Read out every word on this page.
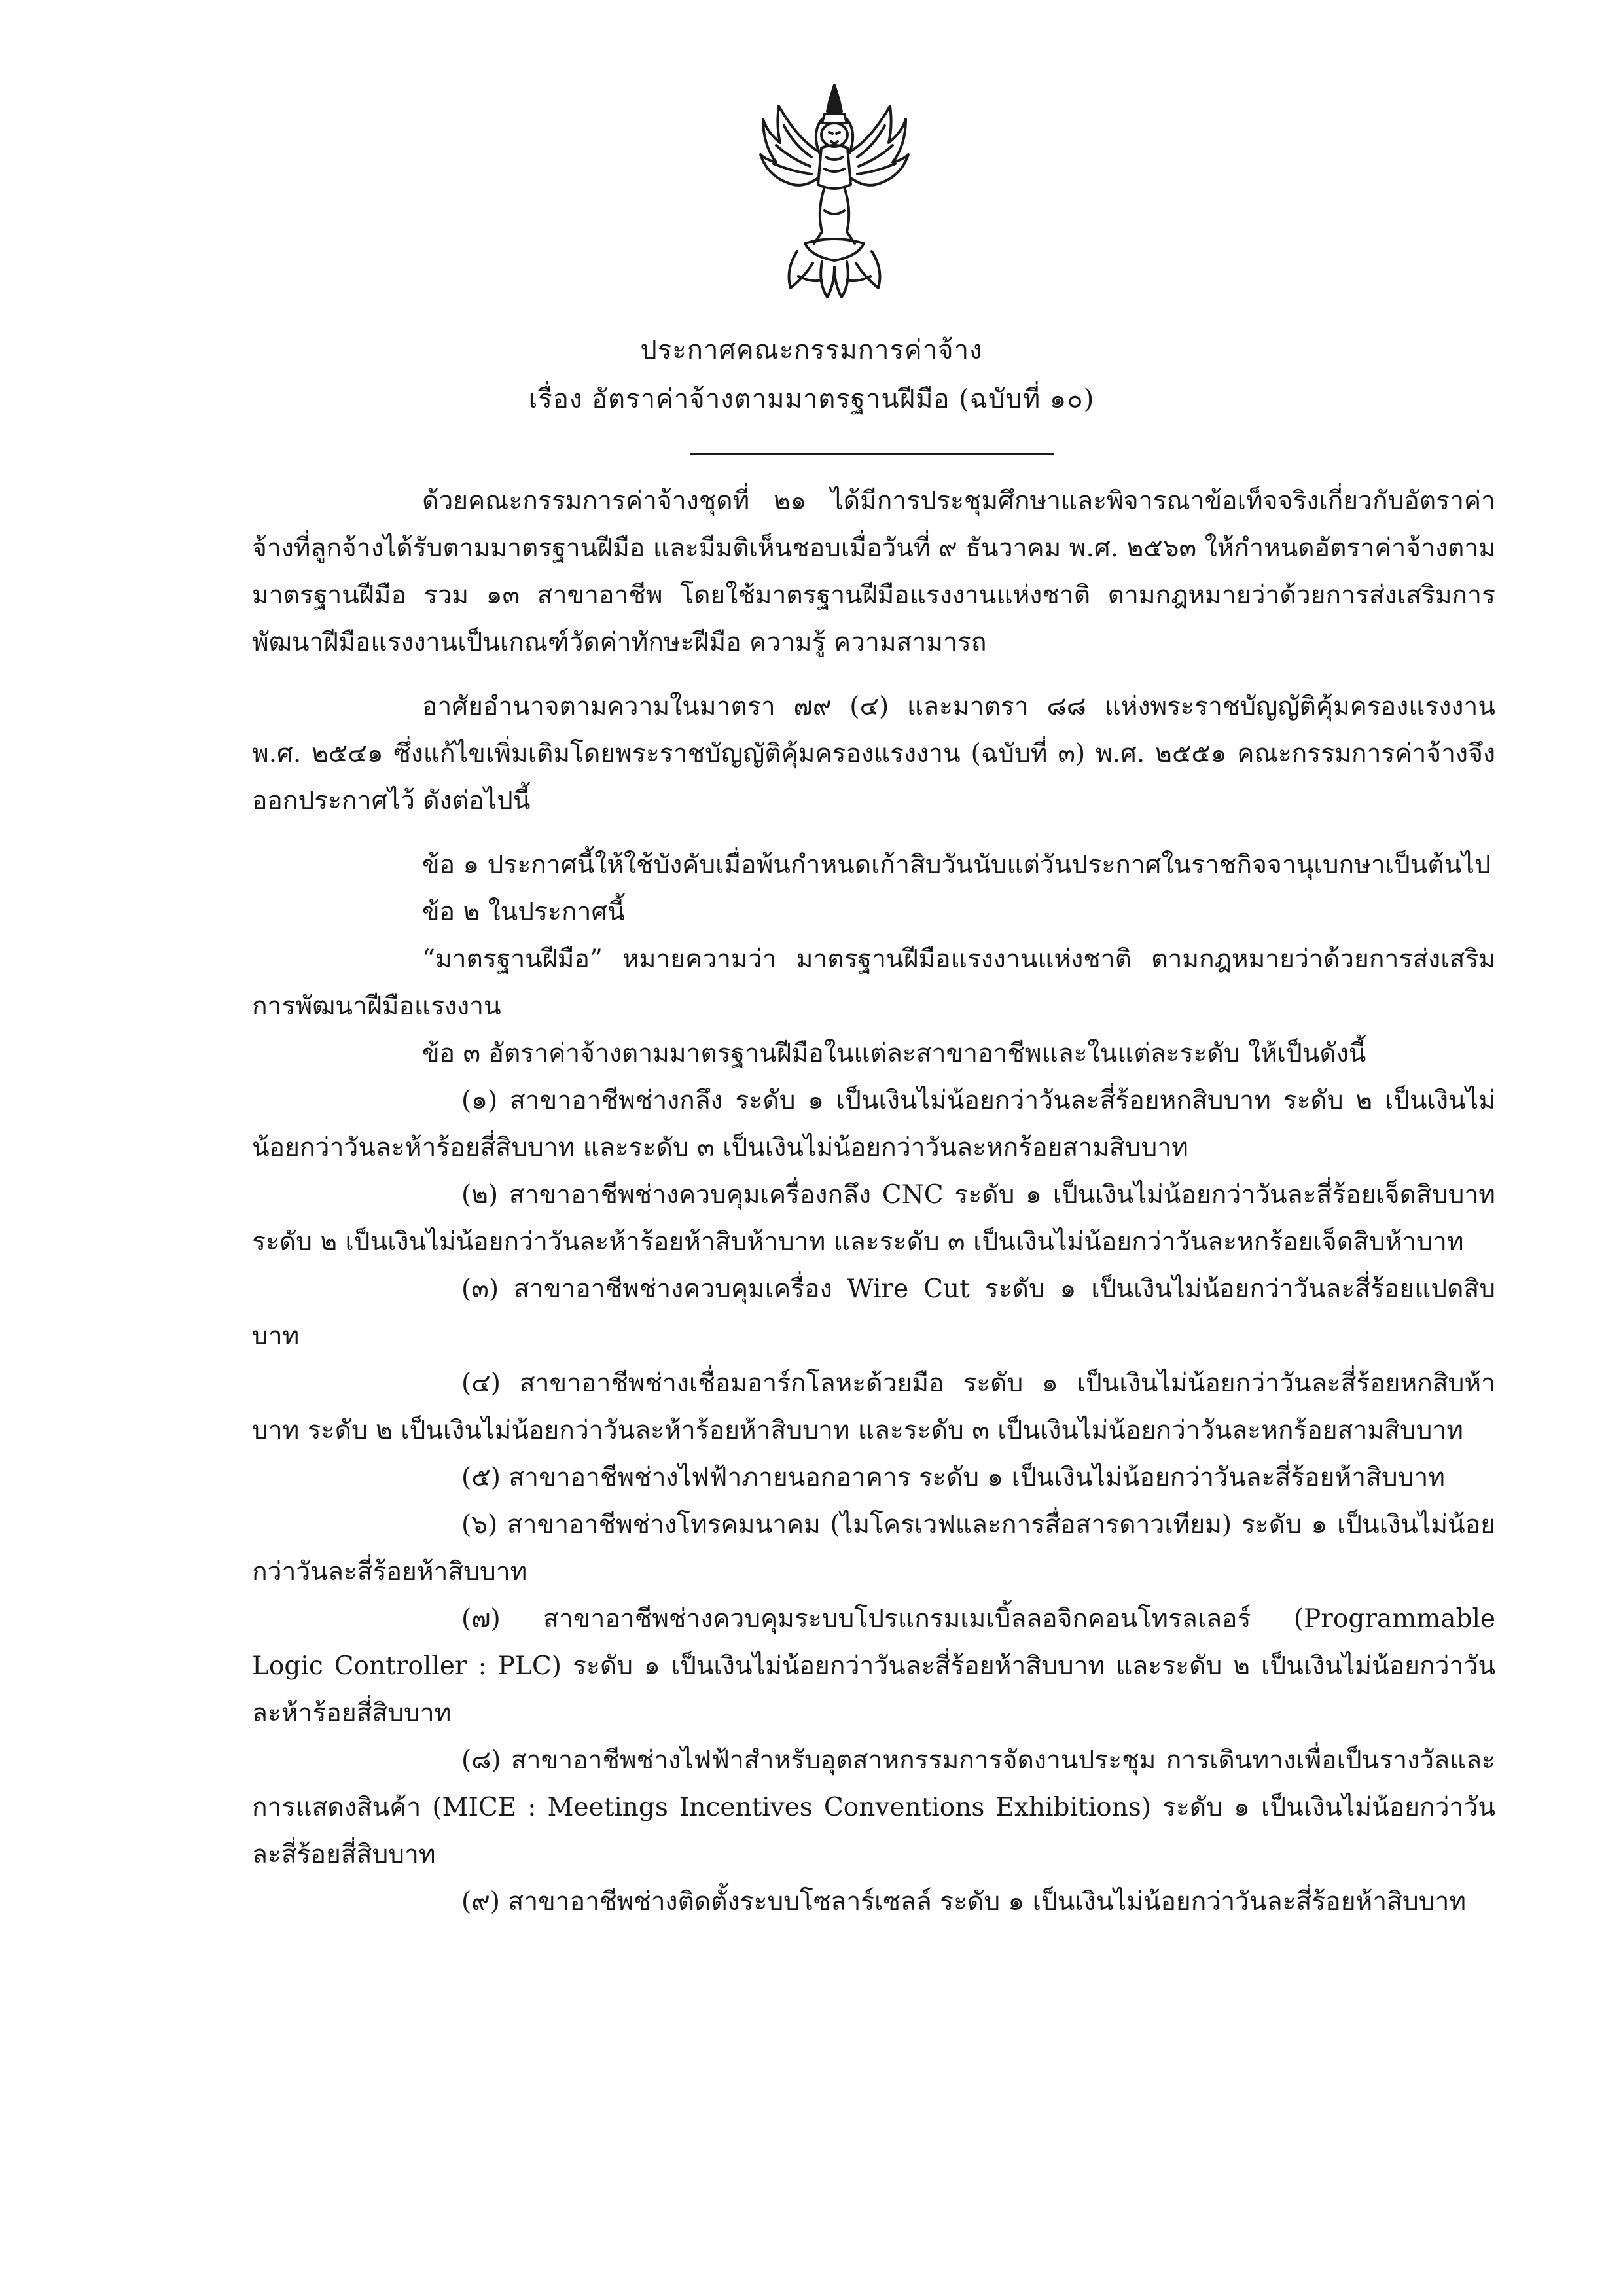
ประกาศคณะกรรมการค่าจ้าง
เรื่อง อัตราค่าจ้างตามมาตรฐานฝีมือ (ฉบับที่ ๑๐)

ด้วยคณะกรรมการค่าจ้างชุดที่ ๒๑ ได้มีการประชุมศึกษาและพิจารณาข้อเท็จจริงเกี่ยวกับอัตราค่าจ้างที่ลูกจ้างได้รับตามมาตรฐานฝีมือ และมีมติเห็นชอบเมื่อวันที่ ๙ ธันวาคม พ.ศ. ๒๕๖๓ ให้กำหนดอัตราค่าจ้างตามมาตรฐานฝีมือ รวม ๑๓ สาขาอาชีพ โดยใช้มาตรฐานฝีมือแรงงานแห่งชาติ ตามกฎหมายว่าด้วยการส่งเสริมการพัฒนาฝีมือแรงงานเป็นเกณฑ์วัดค่าทักษะฝีมือ ความรู้ ความสามารถ

อาศัยอำนาจตามความในมาตรา ๗๙ (๔) และมาตรา ๘๘ แห่งพระราชบัญญัติคุ้มครองแรงงาน พ.ศ. ๒๕๔๑ ซึ่งแก้ไขเพิ่มเติมโดยพระราชบัญญัติคุ้มครองแรงงาน (ฉบับที่ ๓) พ.ศ. ๒๕๕๑ คณะกรรมการค่าจ้างจึงออกประกาศไว้ ดังต่อไปนี้

ข้อ ๑ ประกาศนี้ให้ใช้บังคับเมื่อพ้นกำหนดเก้าสิบวันนับแต่วันประกาศในราชกิจจานุเบกษาเป็นต้นไป

ข้อ ๒ ในประกาศนี้

“มาตรฐานฝีมือ” หมายความว่า มาตรฐานฝีมือแรงงานแห่งชาติ ตามกฎหมายว่าด้วยการส่งเสริมการพัฒนาฝีมือแรงงาน

ข้อ ๓ อัตราค่าจ้างตามมาตรฐานฝีมือในแต่ละสาขาอาชีพและในแต่ละระดับ ให้เป็นดังนี้

(๑) สาขาอาชีพช่างกลึง ระดับ ๑ เป็นเงินไม่น้อยกว่าวันละสี่ร้อยหกสิบบาท ระดับ ๒ เป็นเงินไม่น้อยกว่าวันละห้าร้อยสี่สิบบาท และระดับ ๓ เป็นเงินไม่น้อยกว่าวันละหกร้อยสามสิบบาท

(๒) สาขาอาชีพช่างควบคุมเครื่องกลึง CNC ระดับ ๑ เป็นเงินไม่น้อยกว่าวันละสี่ร้อยเจ็ดสิบบาท ระดับ ๒ เป็นเงินไม่น้อยกว่าวันละห้าร้อยห้าสิบห้าบาท และระดับ ๓ เป็นเงินไม่น้อยกว่าวันละหกร้อยเจ็ดสิบห้าบาท

(๓) สาขาอาชีพช่างควบคุมเครื่อง Wire Cut ระดับ ๑ เป็นเงินไม่น้อยกว่าวันละสี่ร้อยแปดสิบบาท

(๔) สาขาอาชีพช่างเชื่อมอาร์กโลหะด้วยมือ ระดับ ๑ เป็นเงินไม่น้อยกว่าวันละสี่ร้อยหกสิบห้าบาท ระดับ ๒ เป็นเงินไม่น้อยกว่าวันละห้าร้อยห้าสิบบาท และระดับ ๓ เป็นเงินไม่น้อยกว่าวันละหกร้อยสามสิบบาท

(๕) สาขาอาชีพช่างไฟฟ้าภายนอกอาคาร ระดับ ๑ เป็นเงินไม่น้อยกว่าวันละสี่ร้อยห้าสิบบาท

(๖) สาขาอาชีพช่างโทรคมนาคม (ไมโครเวฟและการสื่อสารดาวเทียม) ระดับ ๑ เป็นเงินไม่น้อยกว่าวันละสี่ร้อยห้าสิบบาท

(๗) สาขาอาชีพช่างควบคุมระบบโปรแกรมเมเบิ้ลลอจิกคอนโทรลเลอร์ (Programmable Logic Controller : PLC) ระดับ ๑ เป็นเงินไม่น้อยกว่าวันละสี่ร้อยห้าสิบบาท และระดับ ๒ เป็นเงินไม่น้อยกว่าวันละห้าร้อยสี่สิบบาท

(๘) สาขาอาชีพช่างไฟฟ้าสำหรับอุตสาหกรรมการจัดงานประชุม การเดินทางเพื่อเป็นรางวัลและการแสดงสินค้า (MICE : Meetings Incentives Conventions Exhibitions) ระดับ ๑ เป็นเงินไม่น้อยกว่าวันละสี่ร้อยสี่สิบบาท

(๙) สาขาอาชีพช่างติดตั้งระบบโซลาร์เซลล์ ระดับ ๑ เป็นเงินไม่น้อยกว่าวันละสี่ร้อยห้าสิบบาท
